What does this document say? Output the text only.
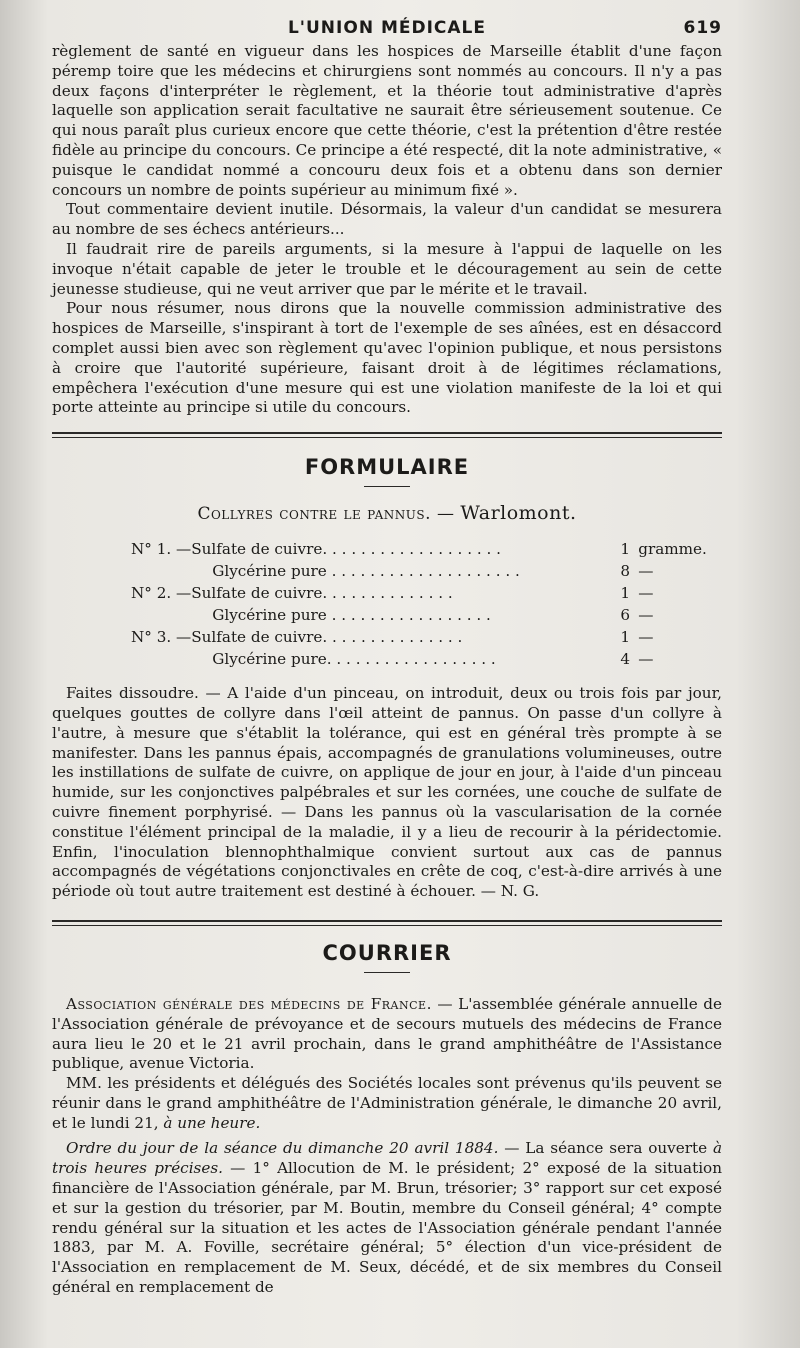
L'UNION MÉDICALE	619

règlement de santé en vigueur dans les hospices de Marseille établit d'une façon péremp toire que les médecins et chirurgiens sont nommés au concours. Il n'y a pas deux façons d'interpréter le règlement, et la théorie tout administrative d'après laquelle son application serait facultative ne saurait être sérieusement soutenue. Ce qui nous paraît plus curieux encore que cette théorie, c'est la prétention d'être restée fidèle au principe du concours. Ce principe a été respecté, dit la note administrative, « puisque le candidat nommé a concouru deux fois et a obtenu dans son dernier concours un nombre de points supérieur au minimum fixé ».

Tout commentaire devient inutile. Désormais, la valeur d'un candidat se mesurera au nombre de ses échecs antérieurs...

Il faudrait rire de pareils arguments, si la mesure à l'appui de laquelle on les invoque n'était capable de jeter le trouble et le découragement au sein de cette jeunesse studieuse, qui ne veut arriver que par le mérite et le travail.

Pour nous résumer, nous dirons que la nouvelle commission administrative des hospices de Marseille, s'inspirant à tort de l'exemple de ses aînées, est en désaccord complet aussi bien avec son règlement qu'avec l'opinion publique, et nous persistons à croire que l'autorité supérieure, faisant droit à de légitimes réclamations, empêchera l'exécution d'une mesure qui est une violation manifeste de la loi et qui porte atteinte au principe si utile du concours.

FORMULAIRE
Collyres contre le pannus. — Warlomont.
N° 1. —	Sulfate de cuivre. . . . . . . . . . . . . . . . . . .	1	gramme.
	Glycérine pure . . . . . . . . . . . . . . . . . . . .	8	—
N° 2. —	Sulfate de cuivre. . . . . . . . . . . . . .	1	—
	Glycérine pure . . . . . . . . . . . . . . . . .	6	—
N° 3. —	Sulfate de cuivre. . . . . . . . . . . . . . .	1	—
	Glycérine pure. . . . . . . . . . . . . . . . . .	4	—

Faites dissoudre. — A l'aide d'un pinceau, on introduit, deux ou trois fois par jour, quelques gouttes de collyre dans l'œil atteint de pannus. On passe d'un collyre à l'autre, à mesure que s'établit la tolérance, qui est en général très prompte à se manifester. Dans les pannus épais, accompagnés de granulations volumineuses, outre les instillations de sulfate de cuivre, on applique de jour en jour, à l'aide d'un pinceau humide, sur les conjonctives palpébrales et sur les cornées, une couche de sulfate de cuivre finement porphyrisé. — Dans les pannus où la vascularisation de la cornée constitue l'élément principal de la maladie, il y a lieu de recourir à la péridectomie. Enfin, l'inoculation blennophthalmique convient surtout aux cas de pannus accompagnés de végétations conjonctivales en crête de coq, c'est-à-dire arrivés à une période où tout autre traitement est destiné à échouer. — N. G.

COURRIER

Association générale des médecins de France. — L'assemblée générale annuelle de l'Association générale de prévoyance et de secours mutuels des médecins de France aura lieu le 20 et le 21 avril prochain, dans le grand amphithéâtre de l'Assistance publique, avenue Victoria.

MM. les présidents et délégués des Sociétés locales sont prévenus qu'ils peuvent se réunir dans le grand amphithéâtre de l'Administration générale, le dimanche 20 avril, et le lundi 21, à une heure.

Ordre du jour de la séance du dimanche 20 avril 1884. — La séance sera ouverte à trois heures précises. — 1° Allocution de M. le président; 2° exposé de la situation financière de l'Association générale, par M. Brun, trésorier; 3° rapport sur cet exposé et sur la gestion du trésorier, par M. Boutin, membre du Conseil général; 4° compte rendu général sur la situation et les actes de l'Association générale pendant l'année 1883, par M. A. Foville, secrétaire général; 5° élection d'un vice-président de l'Association en remplacement de M. Seux, décédé, et de six membres du Conseil général en remplacement de
